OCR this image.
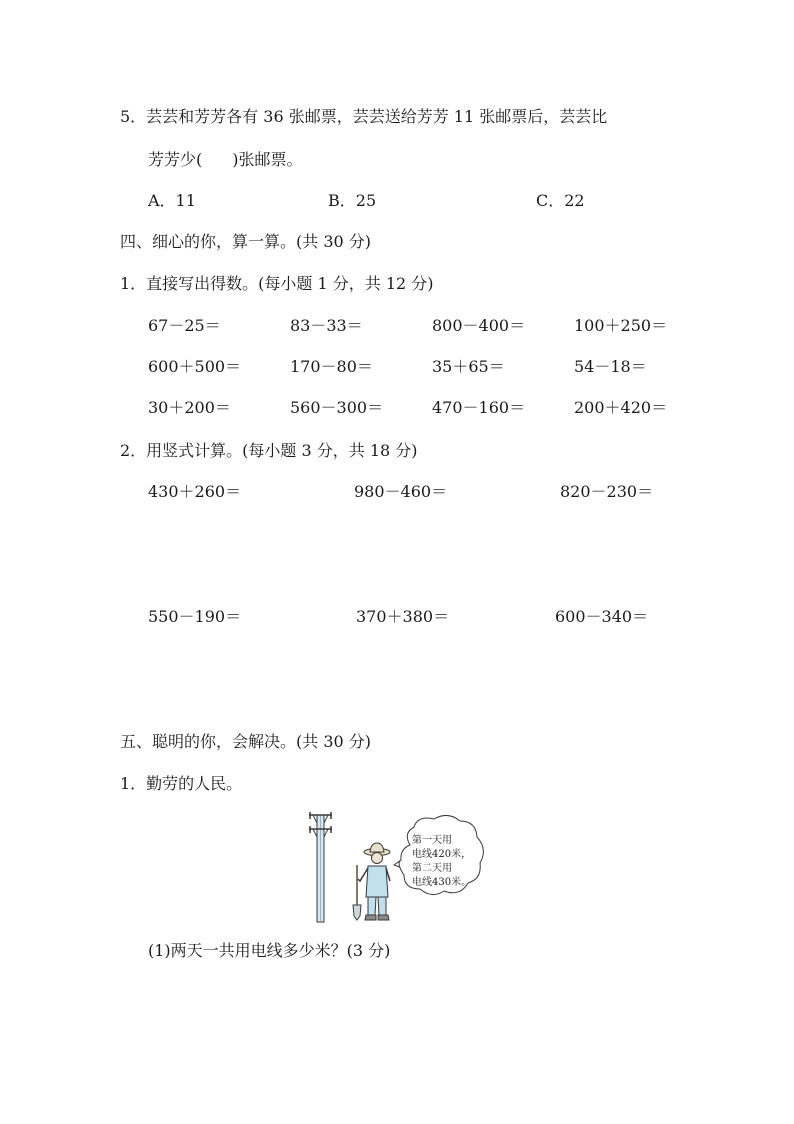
5．芸芸和芳芳各有 36 张邮票，芸芸送给芳芳 11 张邮票后，芸芸比
芳芳少( )张邮票。
A．11	B．25	C．22
四、细心的你，算一算。(共 30 分)
1．直接写出得数。(每小题 1 分，共 12 分)
67－25＝	83－33＝	800－400＝	100＋250＝
600＋500＝	170－80＝	35＋65＝	54－18＝
30＋200＝	560－300＝	470－160＝	200＋420＝
2．用竖式计算。(每小题 3 分，共 18 分)
430＋260＝	980－460＝	820－230＝
550－190＝	370＋380＝	600－340＝
五、聪明的你，会解决。(共 30 分)
1．勤劳的人民。
第一天用
电线420米，
第二天用
电线430米。
(1)两天一共用电线多少米？(3 分)
